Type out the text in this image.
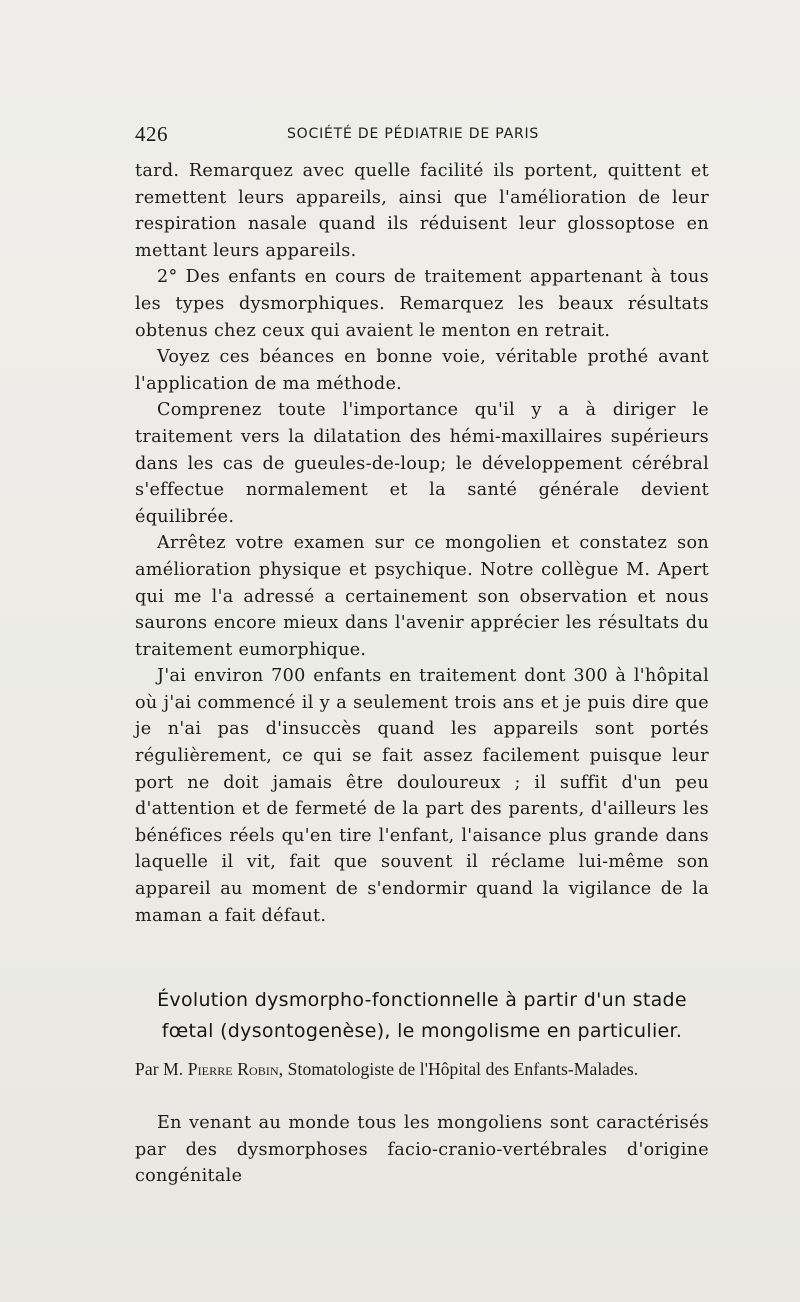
426	SOCIÉTÉ DE PÉDIATRIE DE PARIS

tard. Remarquez avec quelle facilité ils portent, quittent et remettent leurs appareils, ainsi que l'amélioration de leur respiration nasale quand ils réduisent leur glossoptose en mettant leurs appareils.

2° Des enfants en cours de traitement appartenant à tous les types dysmorphiques. Remarquez les beaux résultats obtenus chez ceux qui avaient le menton en retrait.

Voyez ces béances en bonne voie, véritable prothé avant l'application de ma méthode.

Comprenez toute l'importance qu'il y a à diriger le traitement vers la dilatation des hémi-maxillaires supérieurs dans les cas de gueules-de-loup; le développement cérébral s'effectue normalement et la santé générale devient équilibrée.

Arrêtez votre examen sur ce mongolien et constatez son amélioration physique et psychique. Notre collègue M. Apert qui me l'a adressé a certainement son observation et nous saurons encore mieux dans l'avenir apprécier les résultats du traitement eumorphique.

J'ai environ 700 enfants en traitement dont 300 à l'hôpital où j'ai commencé il y a seulement trois ans et je puis dire que je n'ai pas d'insuccès quand les appareils sont portés régulièrement, ce qui se fait assez facilement puisque leur port ne doit jamais être douloureux ; il suffit d'un peu d'attention et de fermeté de la part des parents, d'ailleurs les bénéfices réels qu'en tire l'enfant, l'aisance plus grande dans laquelle il vit, fait que souvent il réclame lui-même son appareil au moment de s'endormir quand la vigilance de la maman a fait défaut.

Évolution dysmorpho-fonctionnelle à partir d'un stade fœtal (dysontogenèse), le mongolisme en particulier.
Par M. Pierre Robin, Stomatologiste de l'Hôpital des Enfants-Malades.

En venant au monde tous les mongoliens sont caractérisés par des dysmorphoses facio-cranio-vertébrales d'origine congénitale
